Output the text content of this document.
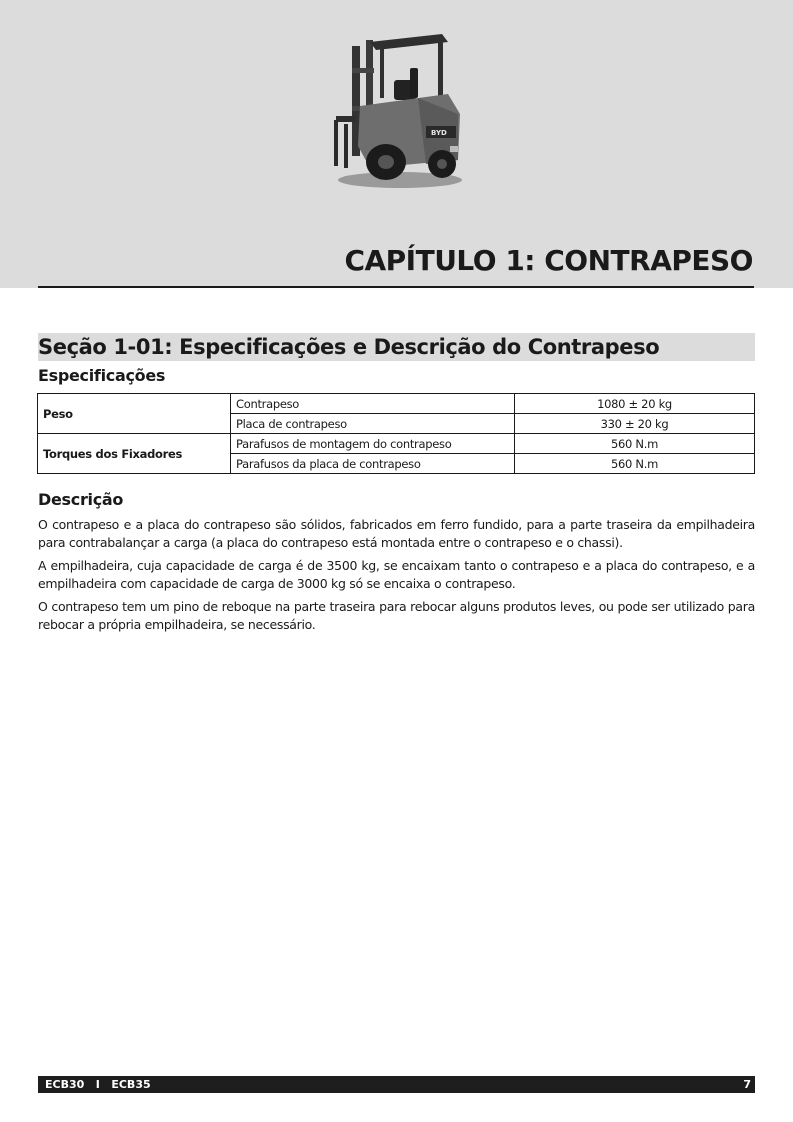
BYD
CAPÍTULO 1: CONTRAPESO
Seção 1-01: Especificações e Descrição do Contrapeso
Especificações
Peso	Contrapeso	1080 ± 20 kg
	Placa de contrapeso	330 ± 20 kg
Torques dos Fixadores	Parafusos de montagem do contrapeso	560 N.m
	Parafusos da placa de contrapeso	560 N.m
Descrição

O contrapeso e a placa do contrapeso são sólidos, fabricados em ferro fundido, para a parte traseira da empilhadeira para contrabalançar a carga (a placa do contrapeso está montada entre o contrapeso e o chassi).

A empilhadeira, cuja capacidade de carga é de 3500 kg, se encaixam tanto o contrapeso e a placa do contrapeso, e a empilhadeira com capacidade de carga de 3000 kg só se encaixa o contrapeso.

O contrapeso tem um pino de reboque na parte traseira para rebocar alguns produtos leves, ou pode ser utilizado para rebocar a própria empilhadeira, se necessário.

ECB30   I   ECB35	7
